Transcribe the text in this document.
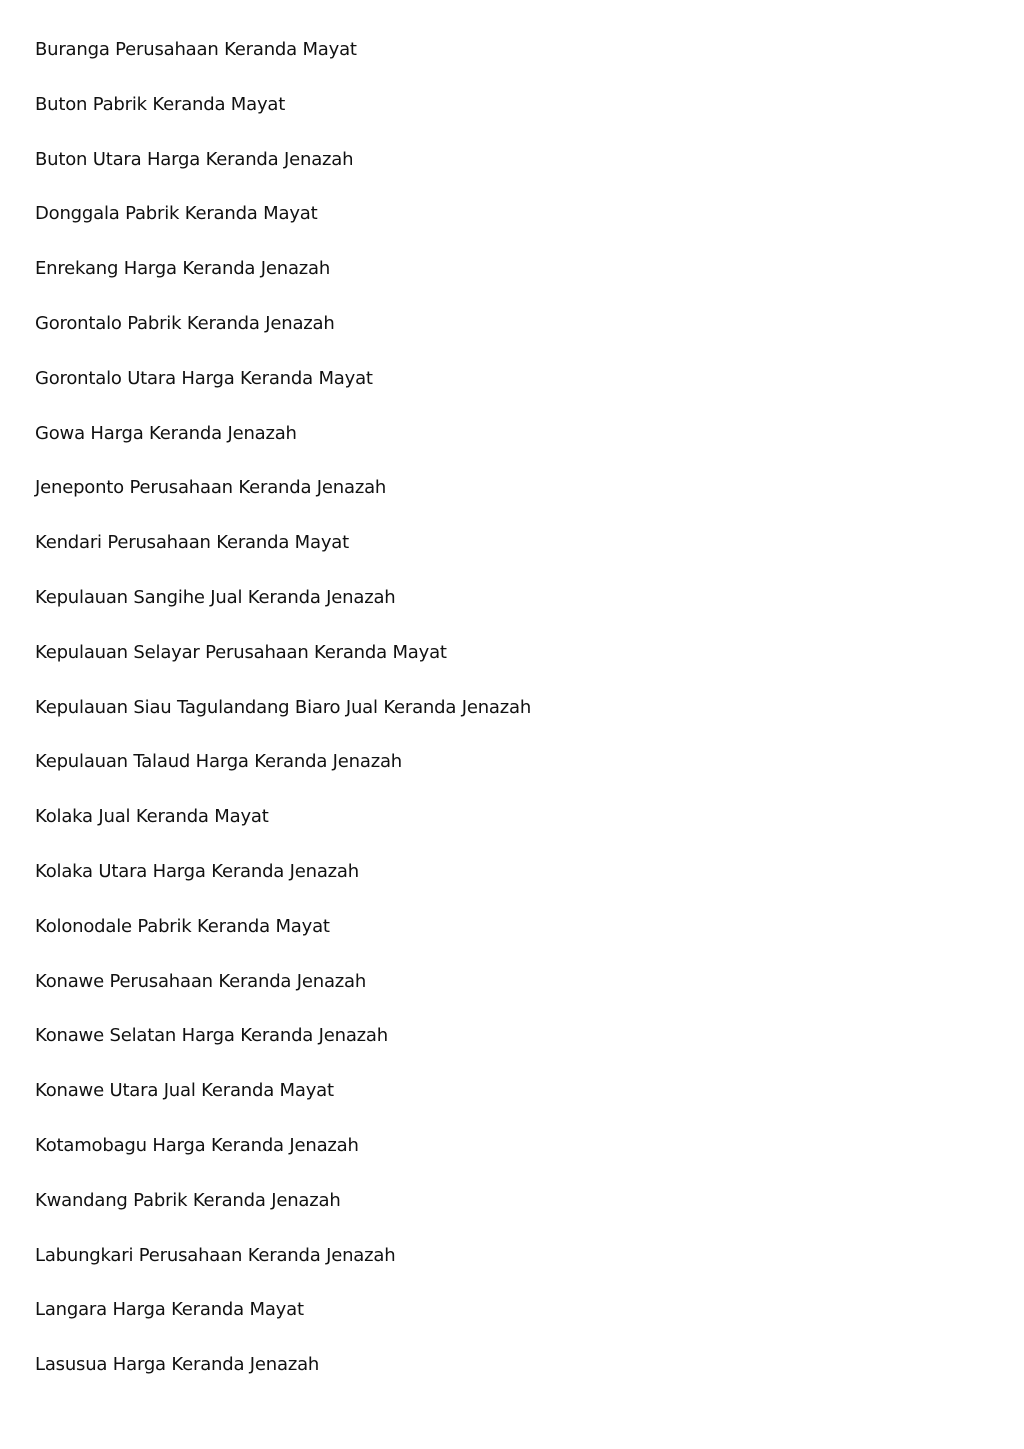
Buranga Perusahaan Keranda Mayat
Buton Pabrik Keranda Mayat
Buton Utara Harga Keranda Jenazah
Donggala Pabrik Keranda Mayat
Enrekang Harga Keranda Jenazah
Gorontalo Pabrik Keranda Jenazah
Gorontalo Utara Harga Keranda Mayat
Gowa Harga Keranda Jenazah
Jeneponto Perusahaan Keranda Jenazah
Kendari Perusahaan Keranda Mayat
Kepulauan Sangihe Jual Keranda Jenazah
Kepulauan Selayar Perusahaan Keranda Mayat
Kepulauan Siau Tagulandang Biaro Jual Keranda Jenazah
Kepulauan Talaud Harga Keranda Jenazah
Kolaka Jual Keranda Mayat
Kolaka Utara Harga Keranda Jenazah
Kolonodale Pabrik Keranda Mayat
Konawe Perusahaan Keranda Jenazah
Konawe Selatan Harga Keranda Jenazah
Konawe Utara Jual Keranda Mayat
Kotamobagu Harga Keranda Jenazah
Kwandang Pabrik Keranda Jenazah
Labungkari Perusahaan Keranda Jenazah
Langara Harga Keranda Mayat
Lasusua Harga Keranda Jenazah
